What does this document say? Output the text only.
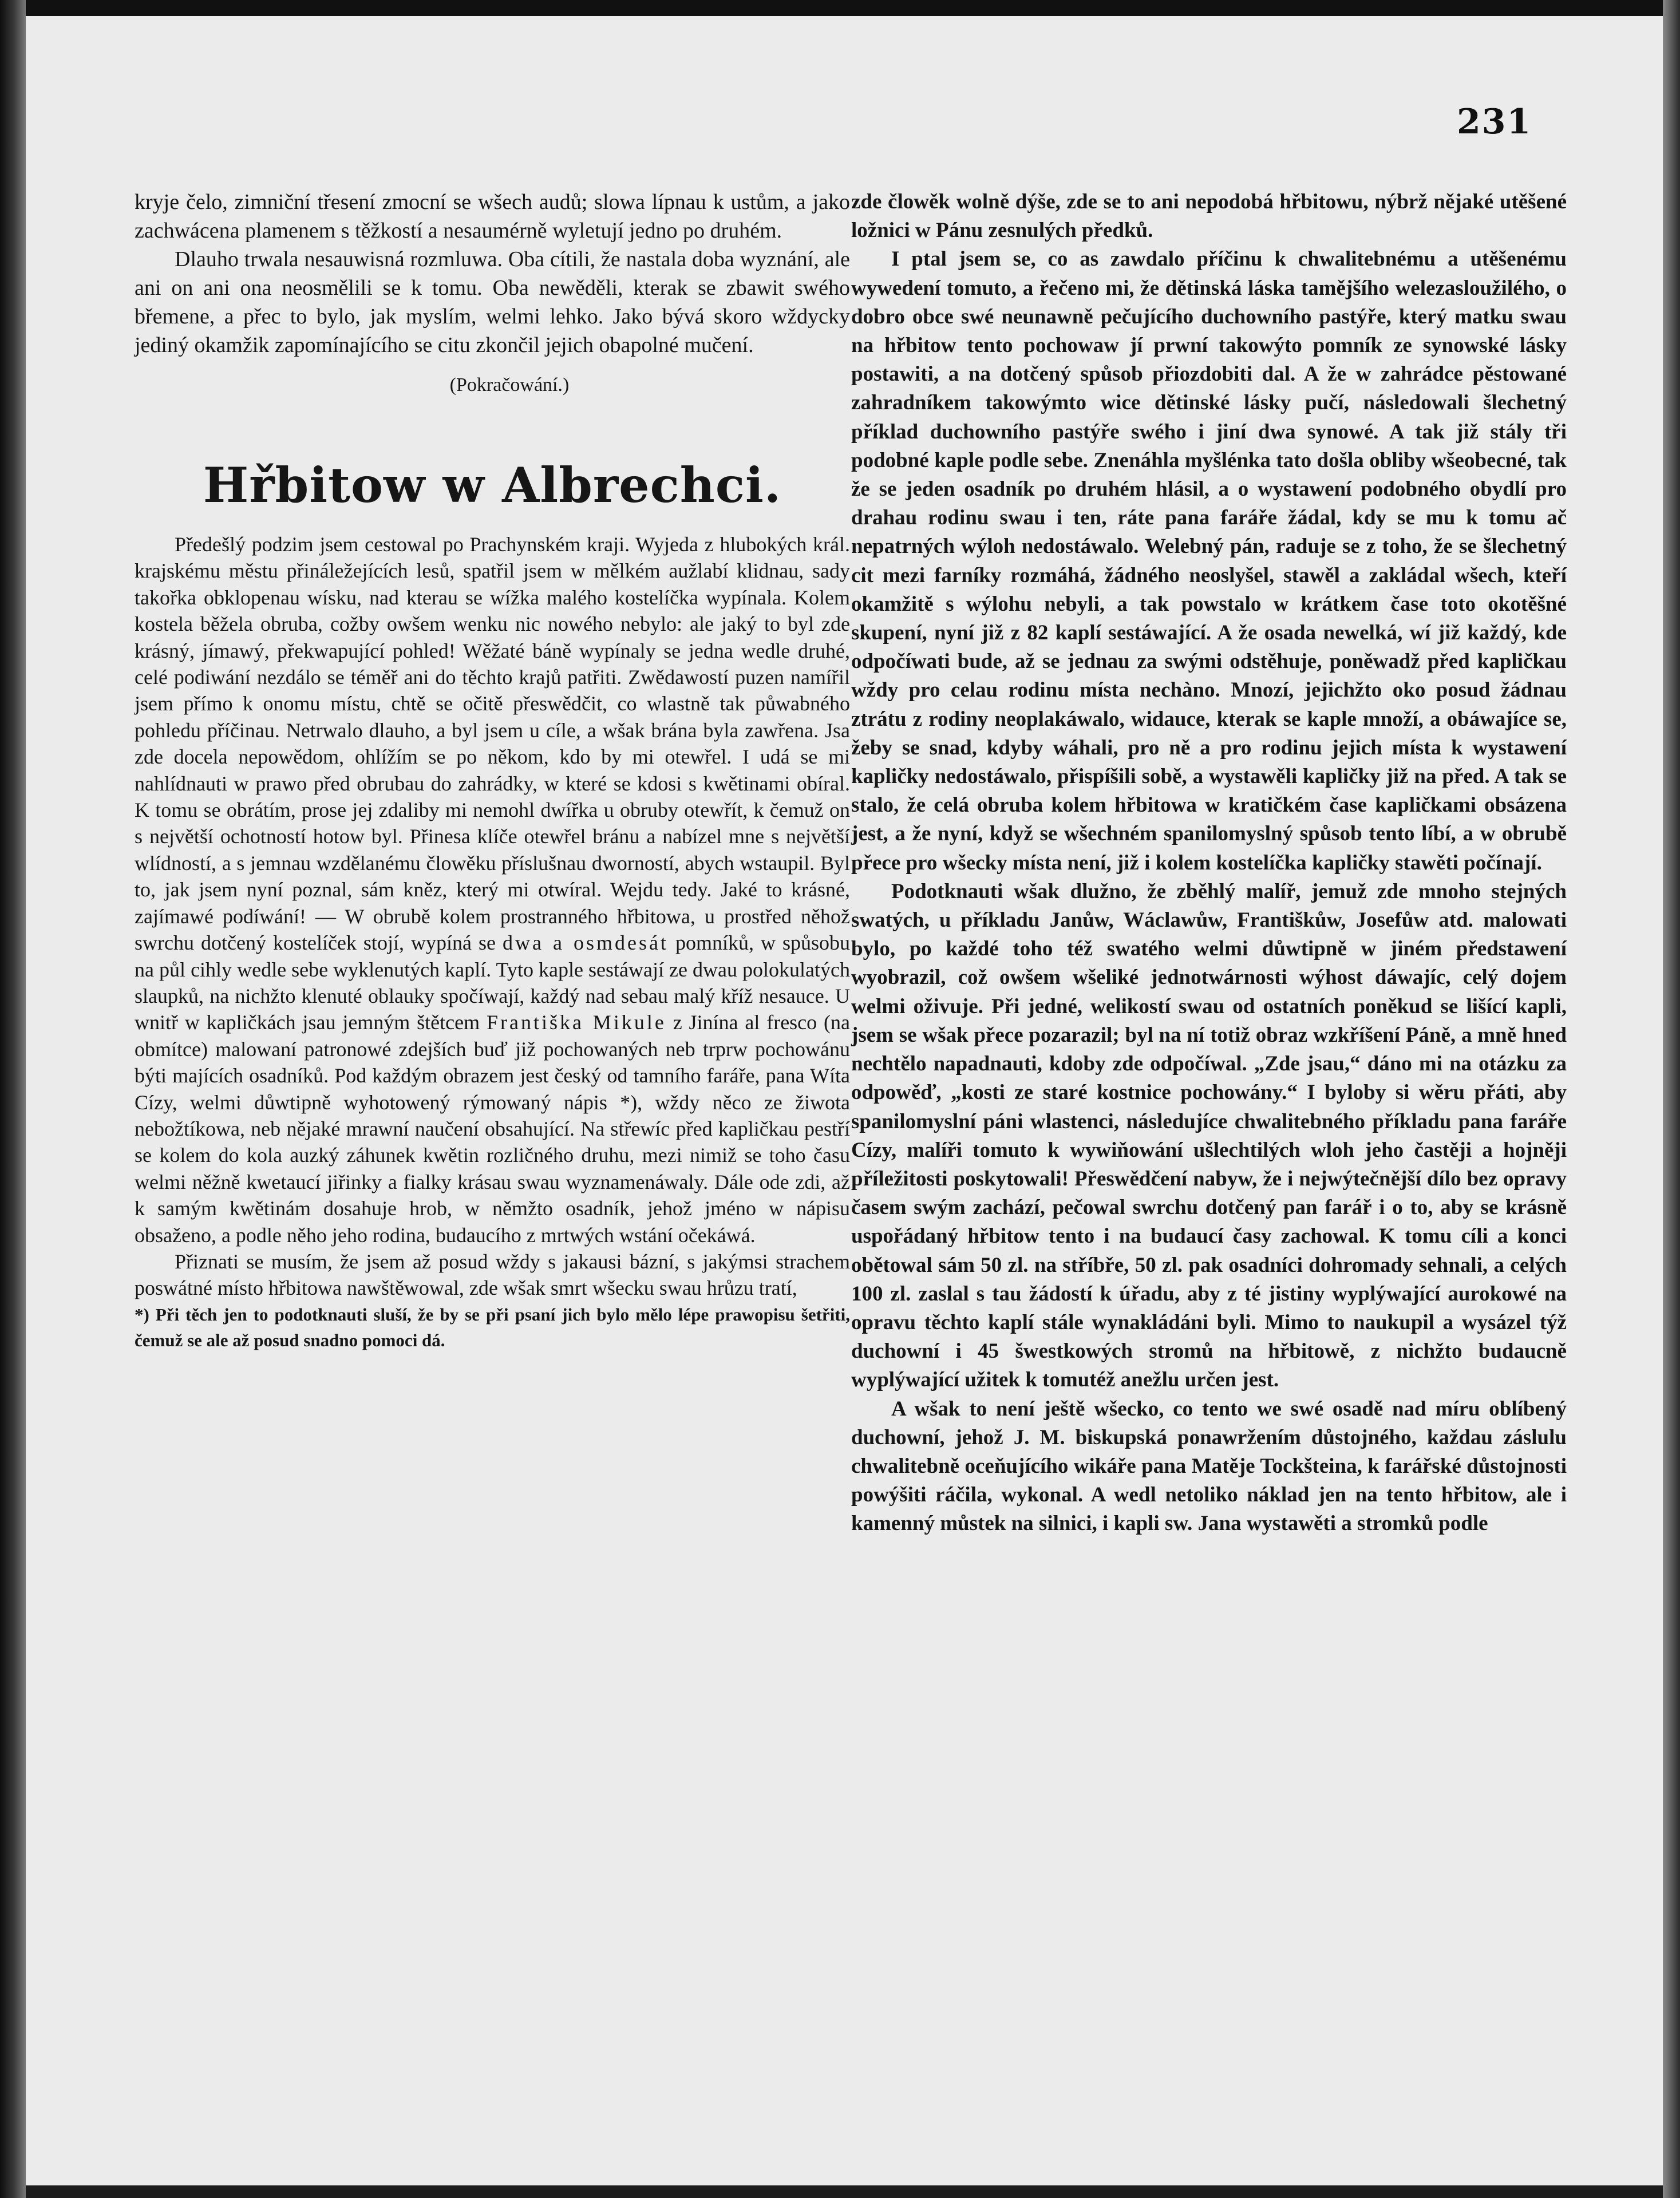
231

kryje čelo, zimniční třesení zmocní se wšech audů; slowa lípnau k ustům, a jako zachwácena plamenem s těžkostí a nesaumérně wyletují jedno po druhém.

Dlauho trwala nesauwisná rozmluwa. Oba cítili, že nastala doba wyznání, ale ani on ani ona neosmělili se k tomu. Oba newěděli, kterak se zbawit swého břemene, a přec to bylo, jak myslím, welmi lehko. Jako bývá skoro wždycky jediný okamžik zapomínajícího se citu zkončil jejich obapolné mučení.

(Pokračowání.)
Hřbitow w Albrechci.

Předešlý podzim jsem cestowal po Prachynském kraji. Wyjeda z hlubokých král. krajskému městu přináležejících lesů, spatřil jsem w mělkém aužlabí klidnau, sady takořka obklopenau wísku, nad kterau se wížka malého kostelíčka wypínala. Kolem kostela běžela obruba, cožby owšem wenku nic nowého nebylo: ale jaký to byl zde krásný, jímawý, překwapující pohled! Wěžaté báně wypínaly se jedna wedle druhé, celé podiwání nezdálo se téměř ani do těchto krajů patřiti. Zwědawostí puzen namířil jsem přímo k onomu místu, chtě se očitě přeswědčit, co wlastně tak půwabného pohledu příčinau. Netrwalo dlauho, a byl jsem u cíle, a wšak brána byla zawřena. Jsa zde docela nepowědom, ohlížím se po někom, kdo by mi otewřel. I udá se mi nahlídnauti w prawo před obrubau do zahrádky, w které se kdosi s kwětinami obíral. K tomu se obrátím, prose jej zdaliby mi nemohl dwířka u obruby otewřít, k čemuž on s největší ochotností hotow byl. Přinesa klíče otewřel bránu a nabízel mne s největší wlídností, a s jemnau wzdělanému člowěku příslušnau dworností, abych wstaupil. Byl to, jak jsem nyní poznal, sám kněz, který mi otwíral. Wejdu tedy. Jaké to krásné, zajímawé podíwání! — W obrubě kolem prostranného hřbitowa, u prostřed něhož swrchu dotčený kostelíček stojí, wypíná se dwa a osmdesát pomníků, w spůsobu na půl cihly wedle sebe wyklenutých kaplí. Tyto kaple sestáwají ze dwau polokulatých slaupků, na nichžto klenuté oblauky spočíwají, každý nad sebau malý kříž nesauce. U wnitř w kapličkách jsau jemným štětcem Františka Mikule z Jinína al fresco (na obmítce) malowaní patronowé zdejších buď již pochowaných neb trprw pochowánu býti majících osadníků. Pod každým obrazem jest český od tamního faráře, pana Wíta Cízy, welmi důwtipně wyhotowený rýmowaný nápis *), wždy něco ze žiwota nebožtíkowa, neb nějaké mrawní naučení obsahující. Na střewíc před kapličkau pestří se kolem do kola auzký záhunek kwětin rozličného druhu, mezi nimiž se toho času welmi něžně kwetaucí jiřinky a fialky krásau swau wyznamenáwaly. Dále ode zdi, až k samým kwětinám dosahuje hrob, w němžto osadník, jehož jméno w nápisu obsaženo, a podle něho jeho rodina, budaucího z mrtwých wstání očekáwá.

Přiznati se musím, že jsem až posud wždy s jakausi bázní, s jakýmsi strachem poswátné místo hřbitowa nawštěwowal, zde wšak smrt wšecku swau hrůzu tratí,

*) Při těch jen to podotknauti sluší, že by se při psaní jich bylo mělo lépe prawopisu šetřiti, čemuž se ale až posud snadno pomoci dá.

zde člowěk wolně dýše, zde se to ani nepodobá hřbitowu, nýbrž nějaké utěšené ložnici w Pánu zesnulých předků.

I ptal jsem se, co as zawdalo příčinu k chwalitebnému a utěšenému wywedení tomuto, a řečeno mi, že dětinská láska tamějšího welezasloužilého, o dobro obce swé neunawně pečujícího duchowního pastýře, který matku swau na hřbitow tento pochowaw jí prwní takowýto pomník ze synowské lásky postawiti, a na dotčený spůsob přiozdobiti dal. A že w zahrádce pěstowané zahradníkem takowýmto wice dětinské lásky pučí, následowali šlechetný příklad duchowního pastýře swého i jiní dwa synowé. A tak již stály tři podobné kaple podle sebe. Znenáhla myšlénka tato došla obliby wšeobecné, tak že se jeden osadník po druhém hlásil, a o wystawení podobného obydlí pro drahau rodinu swau i ten, ráte pana faráře žádal, kdy se mu k tomu ač nepatrných wýloh nedostáwalo. Welebný pán, raduje se z toho, že se šlechetný cit mezi farníky rozmáhá, žádného neoslyšel, stawěl a zakládal wšech, kteří okamžitě s wýlohu nebyli, a tak powstalo w krátkem čase toto okotěšné skupení, nyní již z 82 kaplí sestáwající. A že osada newelká, wí již každý, kde odpočíwati bude, až se jednau za swými odstěhuje, poněwadž před kapličkau wždy pro celau rodinu místa nechàno. Mnozí, jejichžto oko posud žádnau ztrátu z rodiny neoplakáwalo, widauce, kterak se kaple množí, a obáwajíce se, žeby se snad, kdyby wáhali, pro ně a pro rodinu jejich místa k wystawení kapličky nedostáwalo, přispíšili sobě, a wystawěli kapličky již na před. A tak se stalo, že celá obruba kolem hřbitowa w kratičkém čase kapličkami obsázena jest, a že nyní, když se wšechném spanilomyslný spůsob tento líbí, a w obrubě přece pro wšecky místa není, již i kolem kostelíčka kapličky stawěti počínají.

Podotknauti wšak dlužno, že zběhlý malíř, jemuž zde mnoho stejných swatých, u příkladu Janůw, Wáclawůw, Františkůw, Josefůw atd. malowati bylo, po každé toho též swatého welmi důwtipně w jiném předstawení wyobrazil, což owšem wšeliké jednotwárnosti wýhost dáwajíc, celý dojem welmi oživuje. Při jedné, welikostí swau od ostatních poněkud se lišící kapli, jsem se wšak přece pozarazil; byl na ní totiž obraz wzkříšení Páně, a mně hned nechtělo napadnauti, kdoby zde odpočíwal. „Zde jsau,“ dáno mi na otázku za odpowěď, „kosti ze staré kostnice pochowány.“ I byloby si wěru přáti, aby spanilomyslní páni wlastenci, následujíce chwalitebného příkladu pana faráře Cízy, malíři tomuto k wywiňowání ušlechtilých wloh jeho častěji a hojněji příležitosti poskytowali! Přeswědčení nabyw, že i nejwýtečnější dílo bez opravy časem swým zachází, pečowal swrchu dotčený pan farář i o to, aby se krásně uspořádaný hřbitow tento i na budaucí časy zachowal. K tomu cíli a konci obětowal sám 50 zl. na stříbře, 50 zl. pak osadníci dohromady sehnali, a celých 100 zl. zaslal s tau žádostí k úřadu, aby z té jistiny wyplýwající aurokowé na opravu těchto kaplí stále wynakládáni byli. Mimo to naukupil a wysázel týž duchowní i 45 šwestkowých stromů na hřbitowě, z nichžto budaucně wyplýwající užitek k tomutéž anežlu určen jest.

A wšak to není ještě wšecko, co tento we swé osadě nad míru oblíbený duchowní, jehož J. M. biskupská ponawržením důstojného, každau záslulu chwalitebně oceňujícího wikáře pana Matěje Tockšteina, k farářské důstojnosti powýšiti ráčila, wykonal. A wedl netoliko náklad jen na tento hřbitow, ale i kamenný můstek na silnici, i kapli sw. Jana wystawěti a stromků podle
